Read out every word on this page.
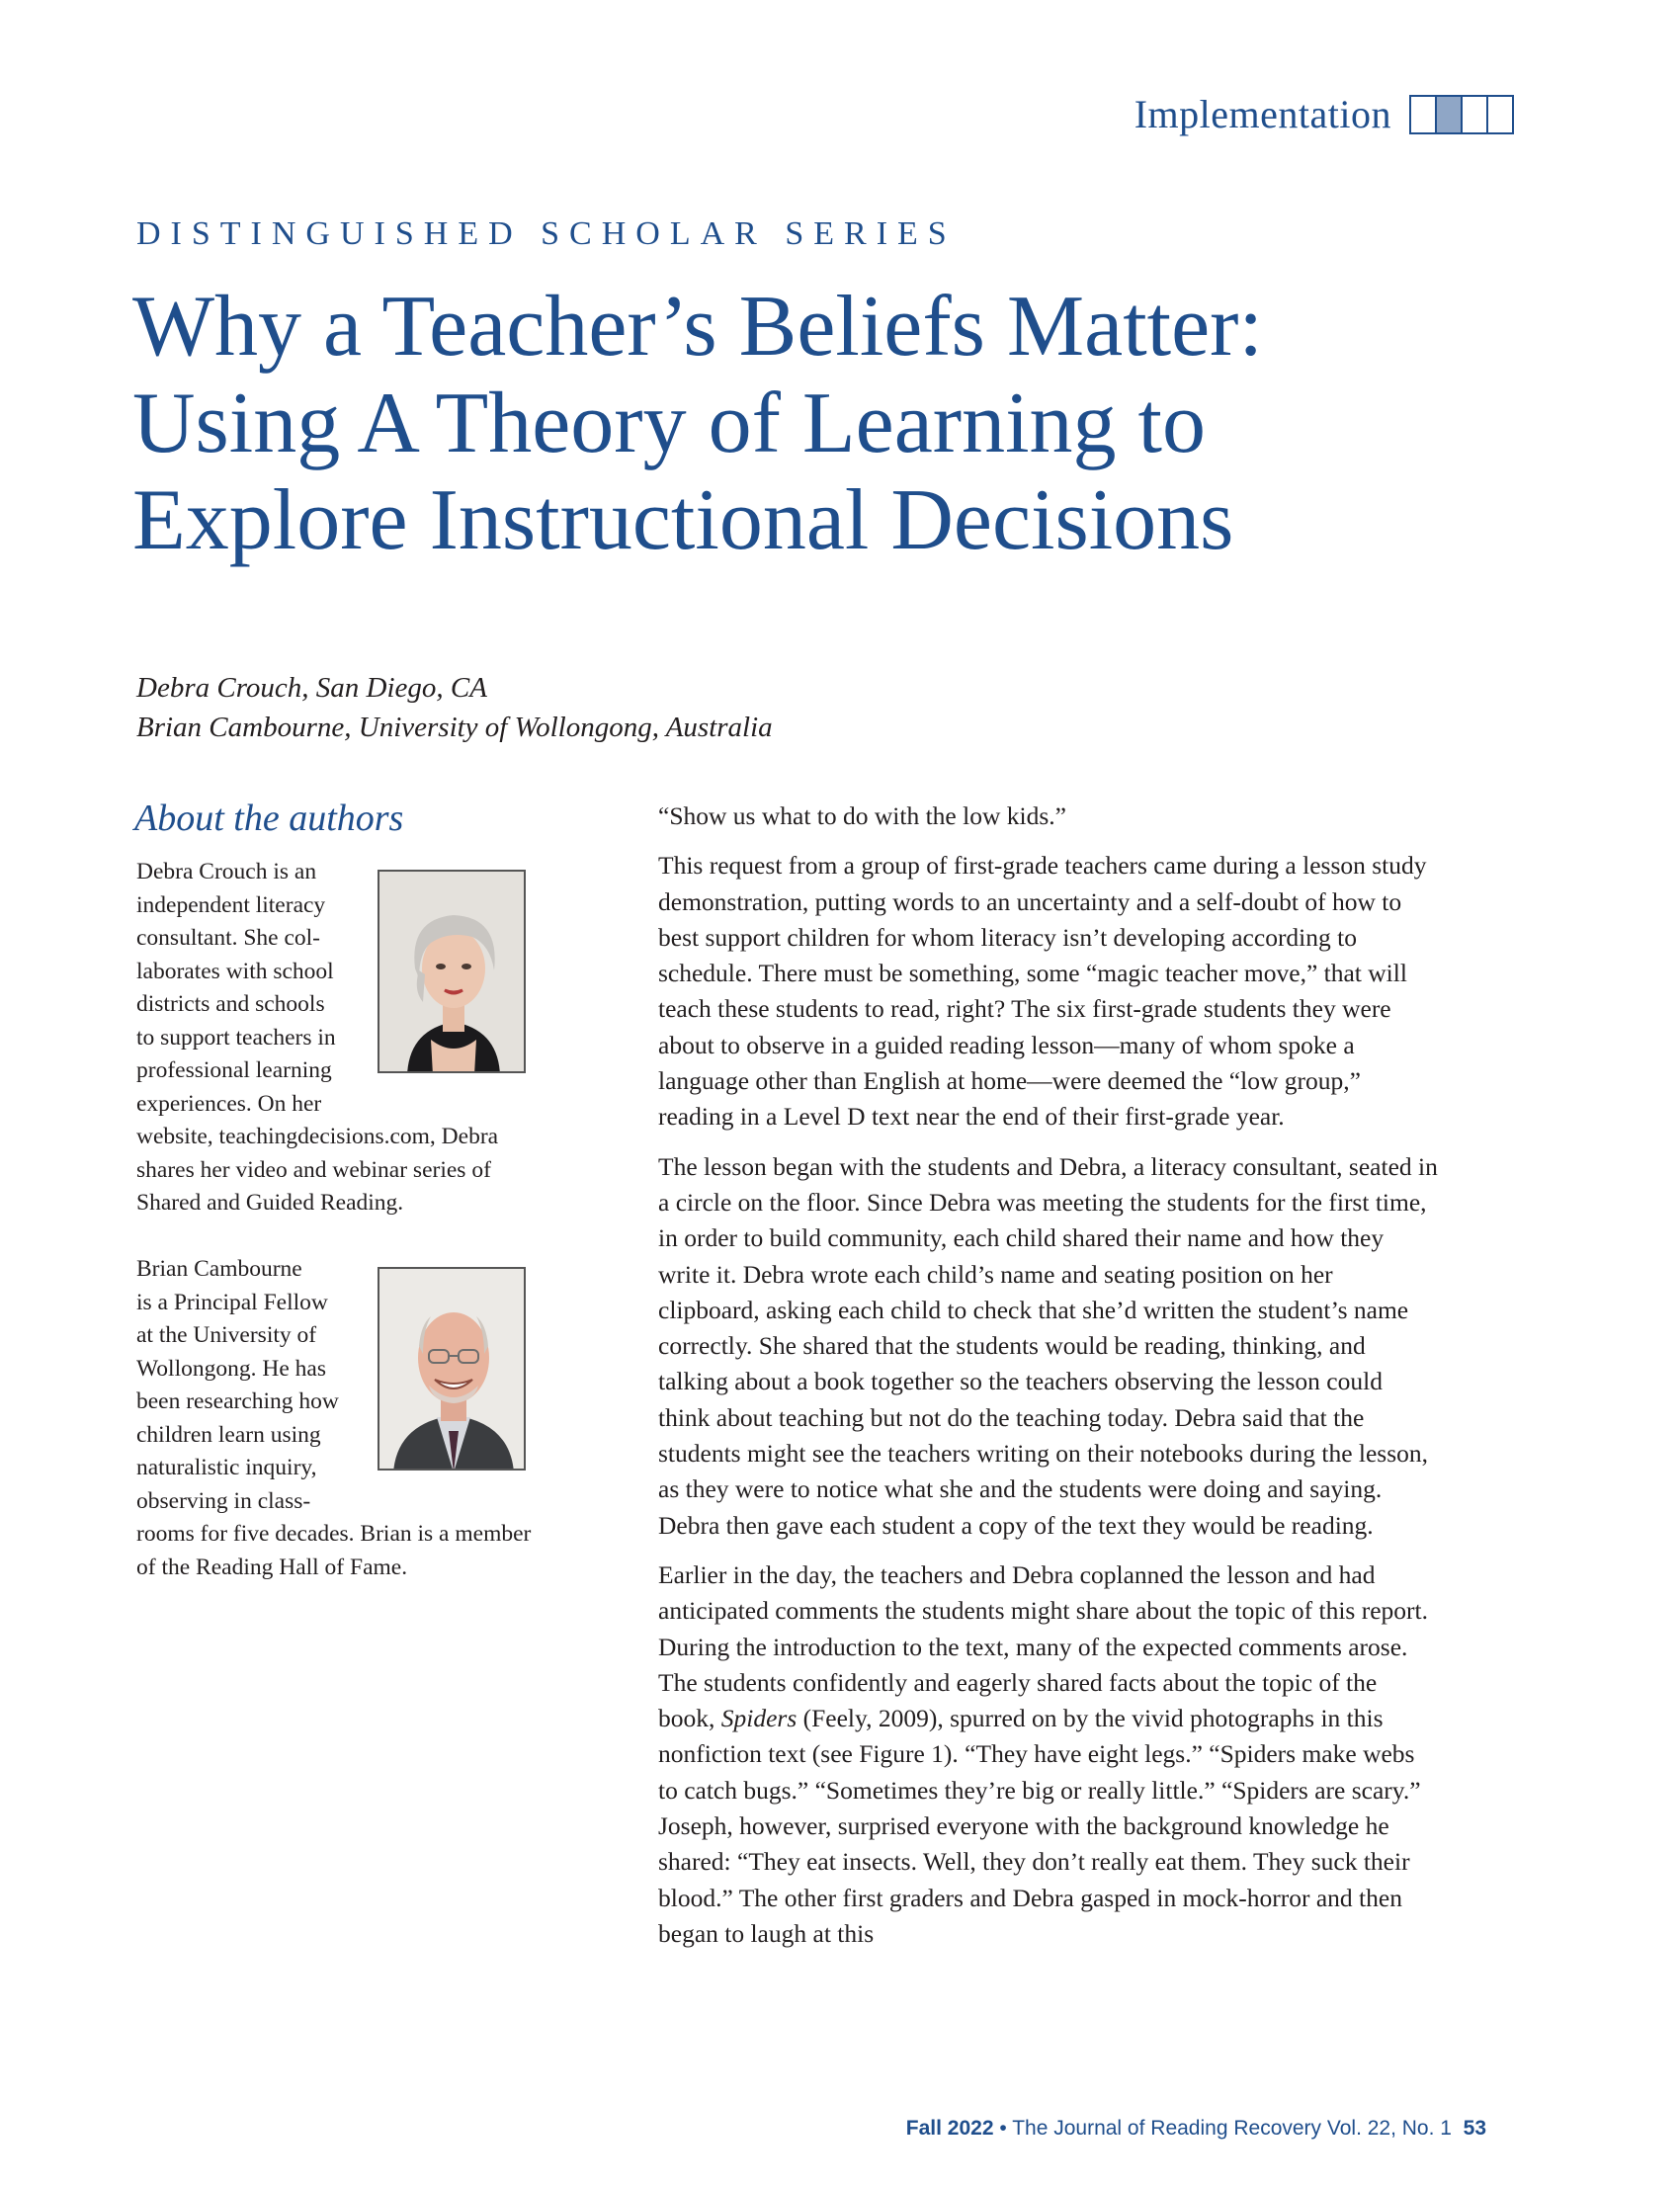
Implementation
DISTINGUISHED SCHOLAR SERIES
Why a Teacher’s Beliefs Matter:
Using A Theory of Learning to
Explore Instructional Decisions
Debra Crouch, San Diego, CA
Brian Cambourne, University of Wollongong, Australia
About the authors
Debra Crouch is an
independent literacy
consultant. She col-
laborates with school
districts and schools
to support teachers in
professional learning
experiences. On her
website, teachingdecisions.com, Debra
shares her video and webinar series of
Shared and Guided Reading.
Brian Cambourne
is a Principal Fellow
at the University of
Wollongong. He has
been researching how
children learn using
naturalistic inquiry,
observing in class-
rooms for five decades. Brian is a member
of the Reading Hall of Fame.

“Show us what to do with the low kids.”

This request from a group of first-grade teachers came during a lesson study demonstration, putting words to an uncertainty and a self-doubt of how to best support children for whom literacy isn’t developing according to schedule. There must be something, some “magic teacher move,” that will teach these students to read, right? The six first-grade students they were about to observe in a guided reading lesson—many of whom spoke a language other than English at home—were deemed the “low group,” reading in a Level D text near the end of their first-grade year.

The lesson began with the students and Debra, a literacy consultant, seated in a circle on the floor. Since Debra was meeting the students for the first time, in order to build community, each child shared their name and how they write it. Debra wrote each child’s name and seating position on her clipboard, asking each child to check that she’d written the student’s name correctly. She shared that the students would be reading, thinking, and talking about a book together so the teachers observing the lesson could think about teaching but not do the teaching today. Debra said that the students might see the teachers writing on their notebooks during the lesson, as they were to notice what she and the students were doing and saying. Debra then gave each student a copy of the text they would be reading.

Earlier in the day, the teachers and Debra coplanned the lesson and had anticipated comments the students might share about the topic of this report. During the introduction to the text, many of the expected comments arose. The students confidently and eagerly shared facts about the topic of the book, Spiders (Feely, 2009), spurred on by the vivid photographs in this nonfiction text (see Figure 1). “They have eight legs.” “Spiders make webs to catch bugs.” “Sometimes they’re big or really little.” “Spiders are scary.” Joseph, however, surprised everyone with the background knowledge he shared: “They eat insects. Well, they don’t really eat them. They suck their blood.” The other first graders and Debra gasped in mock-horror and then began to laugh at this

Fall 2022 • The Journal of Reading Recovery Vol. 22, No. 1 53
